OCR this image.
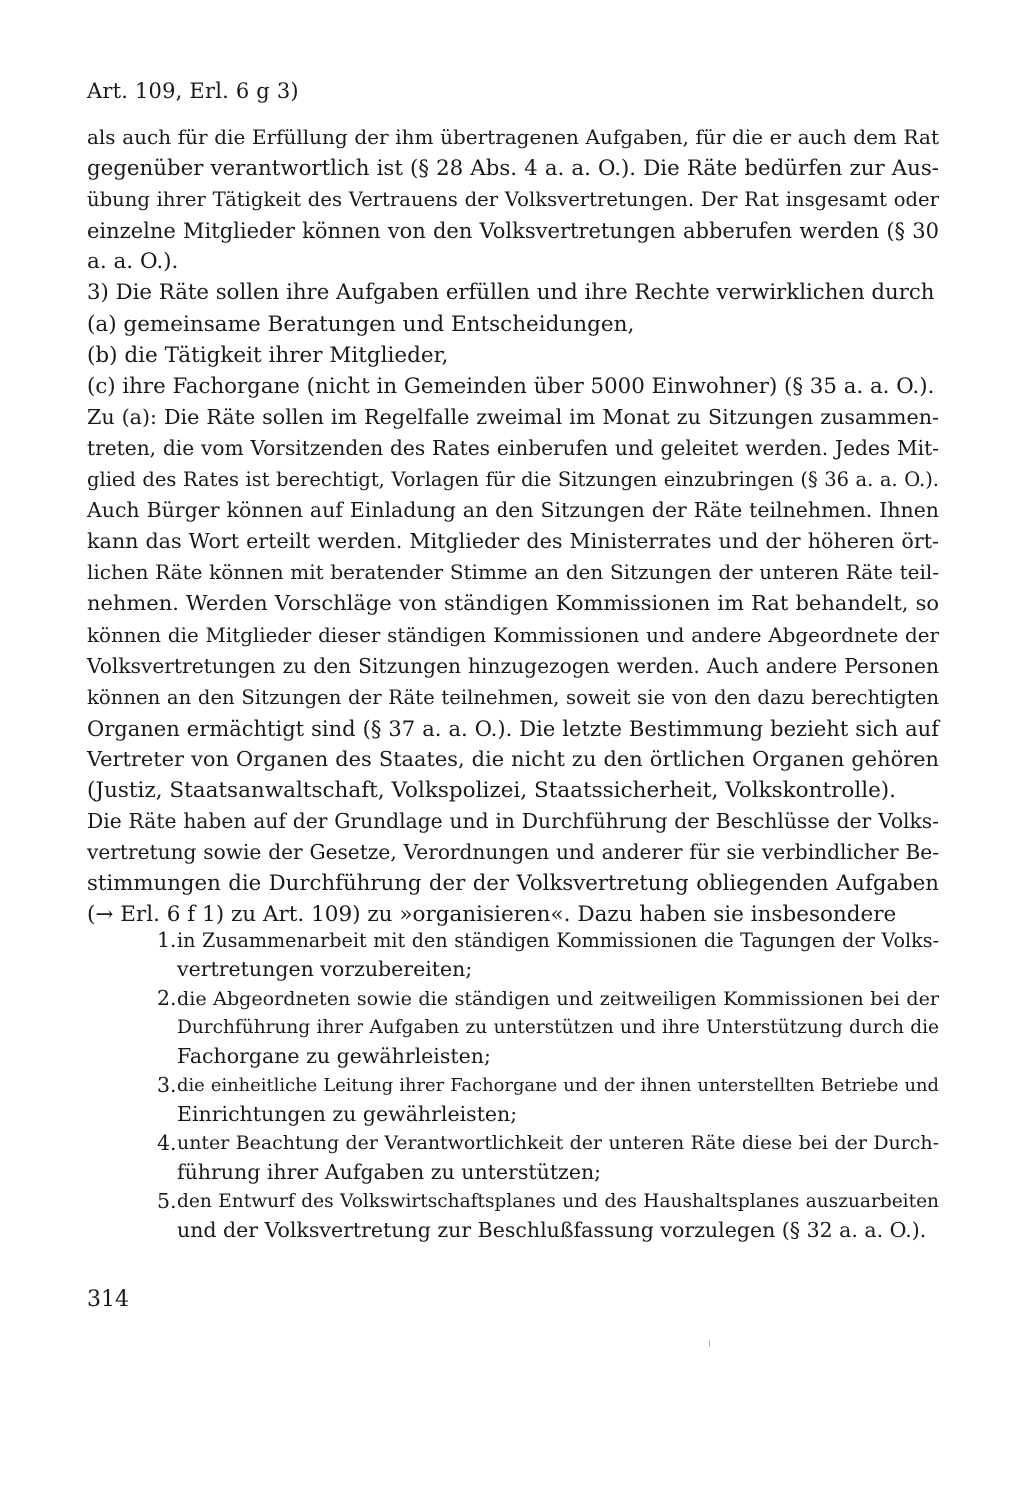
Art. 109, Erl. 6 g 3)
als auch für die Erfüllung der ihm übertragenen Aufgaben, für die er auch dem Rat
gegenüber verantwortlich ist (§ 28 Abs. 4 a. a. O.). Die Räte bedürfen zur Aus-
übung ihrer Tätigkeit des Vertrauens der Volksvertretungen. Der Rat insgesamt oder
einzelne Mitglieder können von den Volksvertretungen abberufen werden (§ 30
a. a. O.).
3) Die Räte sollen ihre Aufgaben erfüllen und ihre Rechte verwirklichen durch
(a) gemeinsame Beratungen und Entscheidungen,
(b) die Tätigkeit ihrer Mitglieder,
(c) ihre Fachorgane (nicht in Gemeinden über 5000 Einwohner) (§ 35 a. a. O.).
Zu (a): Die Räte sollen im Regelfalle zweimal im Monat zu Sitzungen zusammen-
treten, die vom Vorsitzenden des Rates einberufen und geleitet werden. Jedes Mit-
glied des Rates ist berechtigt, Vorlagen für die Sitzungen einzubringen (§ 36 a. a. O.).
Auch Bürger können auf Einladung an den Sitzungen der Räte teilnehmen. Ihnen
kann das Wort erteilt werden. Mitglieder des Ministerrates und der höheren ört-
lichen Räte können mit beratender Stimme an den Sitzungen der unteren Räte teil-
nehmen. Werden Vorschläge von ständigen Kommissionen im Rat behandelt, so
können die Mitglieder dieser ständigen Kommissionen und andere Abgeordnete der
Volksvertretungen zu den Sitzungen hinzugezogen werden. Auch andere Personen
können an den Sitzungen der Räte teilnehmen, soweit sie von den dazu berechtigten
Organen ermächtigt sind (§ 37 a. a. O.). Die letzte Bestimmung bezieht sich auf
Vertreter von Organen des Staates, die nicht zu den örtlichen Organen gehören
(Justiz, Staatsanwaltschaft, Volkspolizei, Staatssicherheit, Volkskontrolle).
Die Räte haben auf der Grundlage und in Durchführung der Beschlüsse der Volks-
vertretung sowie der Gesetze, Verordnungen und anderer für sie verbindlicher Be-
stimmungen die Durchführung der der Volksvertretung obliegenden Aufgaben
(→ Erl. 6 f 1) zu Art. 109) zu »organisieren«. Dazu haben sie insbesondere
1. in Zusammenarbeit mit den ständigen Kommissionen die Tagungen der Volks-
vertretungen vorzubereiten;
2. die Abgeordneten sowie die ständigen und zeitweiligen Kommissionen bei der
Durchführung ihrer Aufgaben zu unterstützen und ihre Unterstützung durch die
Fachorgane zu gewährleisten;
3. die einheitliche Leitung ihrer Fachorgane und der ihnen unterstellten Betriebe und
Einrichtungen zu gewährleisten;
4. unter Beachtung der Verantwortlichkeit der unteren Räte diese bei der Durch-
führung ihrer Aufgaben zu unterstützen;
5. den Entwurf des Volkswirtschaftsplanes und des Haushaltsplanes auszuarbeiten
und der Volksvertretung zur Beschlußfassung vorzulegen (§ 32 a. a. O.).
314
